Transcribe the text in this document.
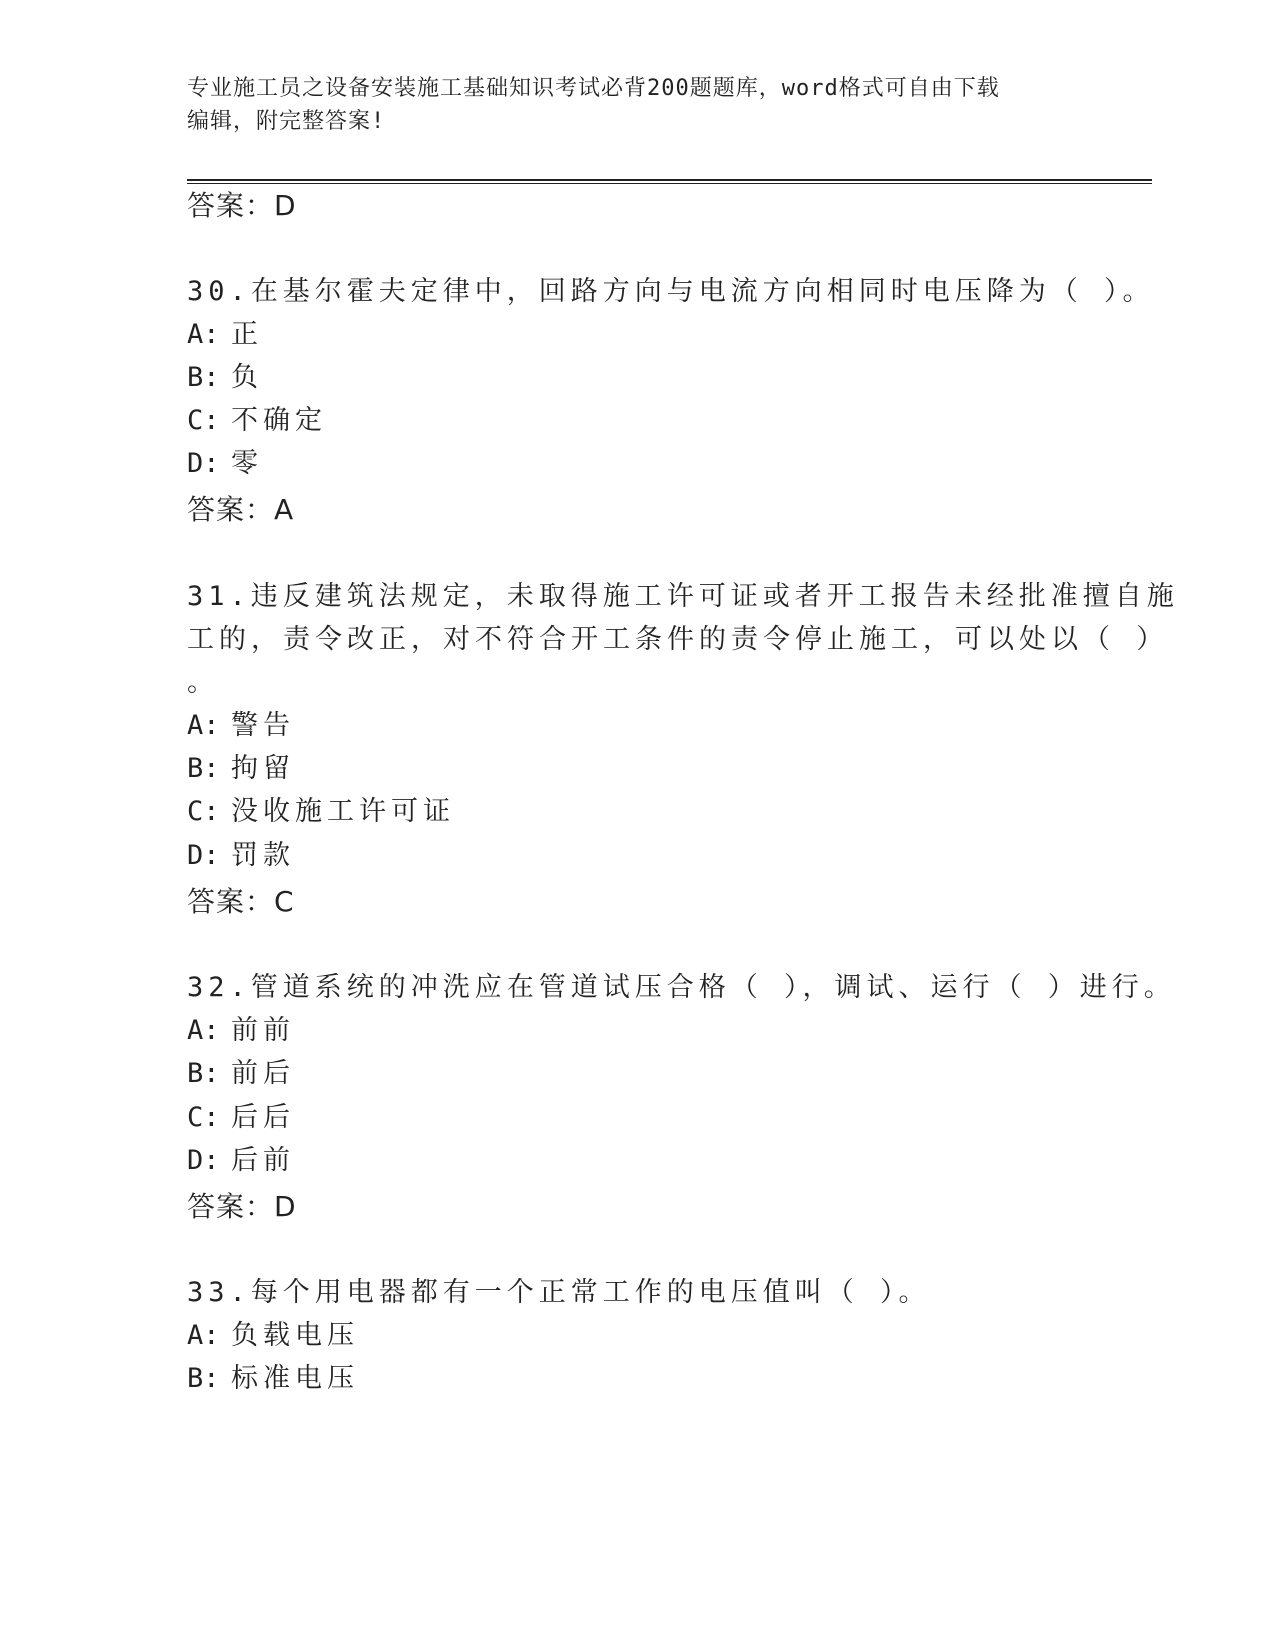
专业施工员之设备安装施工基础知识考试必背200题题库，word格式可自由下载
编辑，附完整答案!
答案：D
30.在基尔霍夫定律中，回路方向与电流方向相同时电压降为（ ）。
A: 正
B: 负
C: 不确定
D: 零
答案：A
31.违反建筑法规定，未取得施工许可证或者开工报告未经批准擅自施
工的，责令改正，对不符合开工条件的责令停止施工，可以处以（ ）
。
A: 警告
B: 拘留
C: 没收施工许可证
D: 罚款
答案：C
32.管道系统的冲洗应在管道试压合格（ ），调试、运行（ ）进行。
A: 前前
B: 前后
C: 后后
D: 后前
答案：D
33.每个用电器都有一个正常工作的电压值叫（ ）。
A: 负载电压
B: 标准电压
